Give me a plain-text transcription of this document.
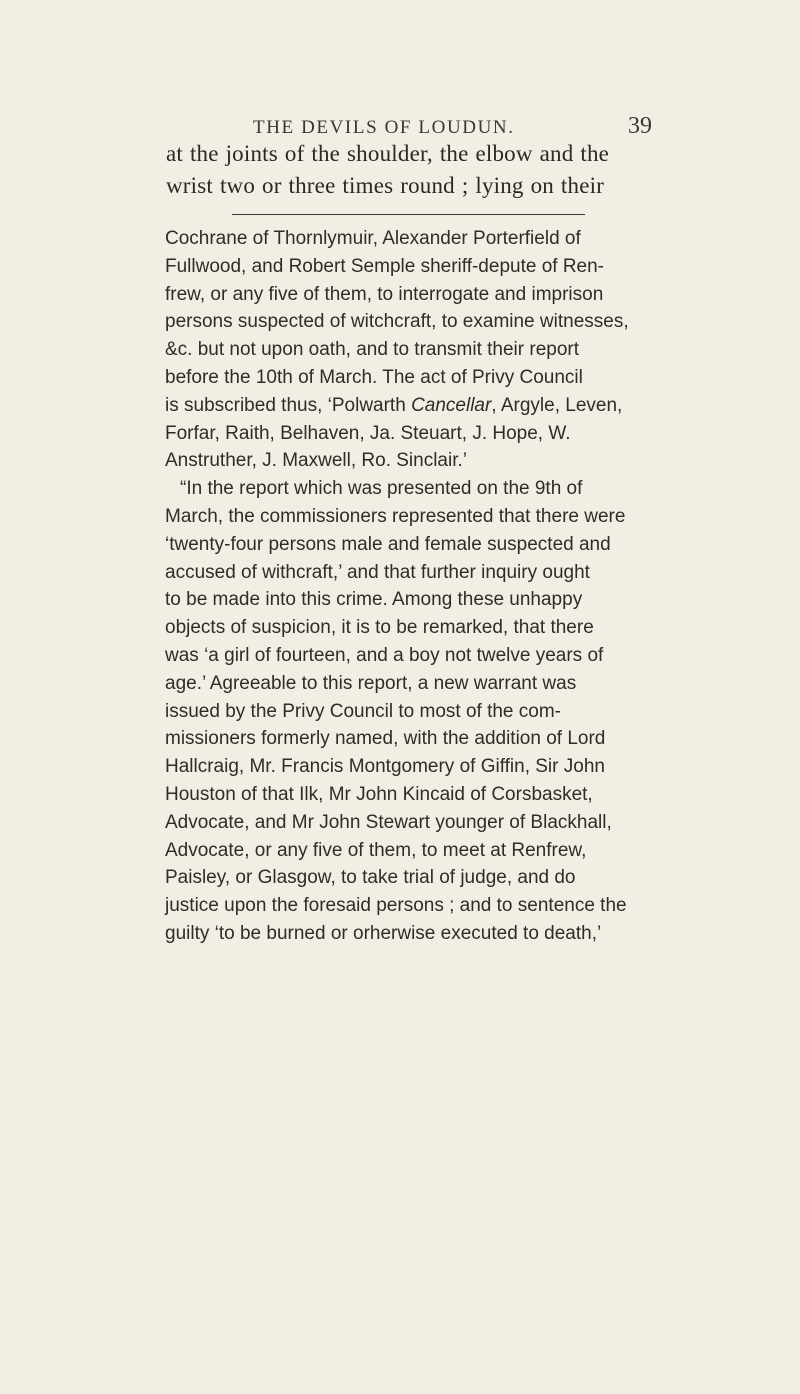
THE DEVILS OF LOUDUN.	39
at the joints of the shoulder, the elbow and the
wrist two or three times round ; lying on their
Cochrane of Thornlymuir, Alexander Porterfield of
Fullwood, and Robert Semple sheriff-depute of Ren-
frew, or any five of them, to interrogate and imprison
persons suspected of witchcraft, to examine witnesses,
&c. but not upon oath, and to transmit their report
before the 10th of March. The act of Privy Council
is subscribed thus, ‘Polwarth Cancellar, Argyle, Leven,
Forfar, Raith, Belhaven, Ja. Steuart, J. Hope, W.
Anstruther, J. Maxwell, Ro. Sinclair.’
“In the report which was presented on the 9th of
March, the commissioners represented that there were
‘twenty-four persons male and female suspected and
accused of withcraft,’ and that further inquiry ought
to be made into this crime. Among these unhappy
objects of suspicion, it is to be remarked, that there
was ‘a girl of fourteen, and a boy not twelve years of
age.’ Agreeable to this report, a new warrant was
issued by the Privy Council to most of the com-
missioners formerly named, with the addition of Lord
Hallcraig, Mr. Francis Montgomery of Giffin, Sir John
Houston of that Ilk, Mr John Kincaid of Corsbasket,
Advocate, and Mr John Stewart younger of Blackhall,
Advocate, or any five of them, to meet at Renfrew,
Paisley, or Glasgow, to take trial of judge, and do
justice upon the foresaid persons ; and to sentence the
guilty ‘to be burned or orherwise executed to death,’
